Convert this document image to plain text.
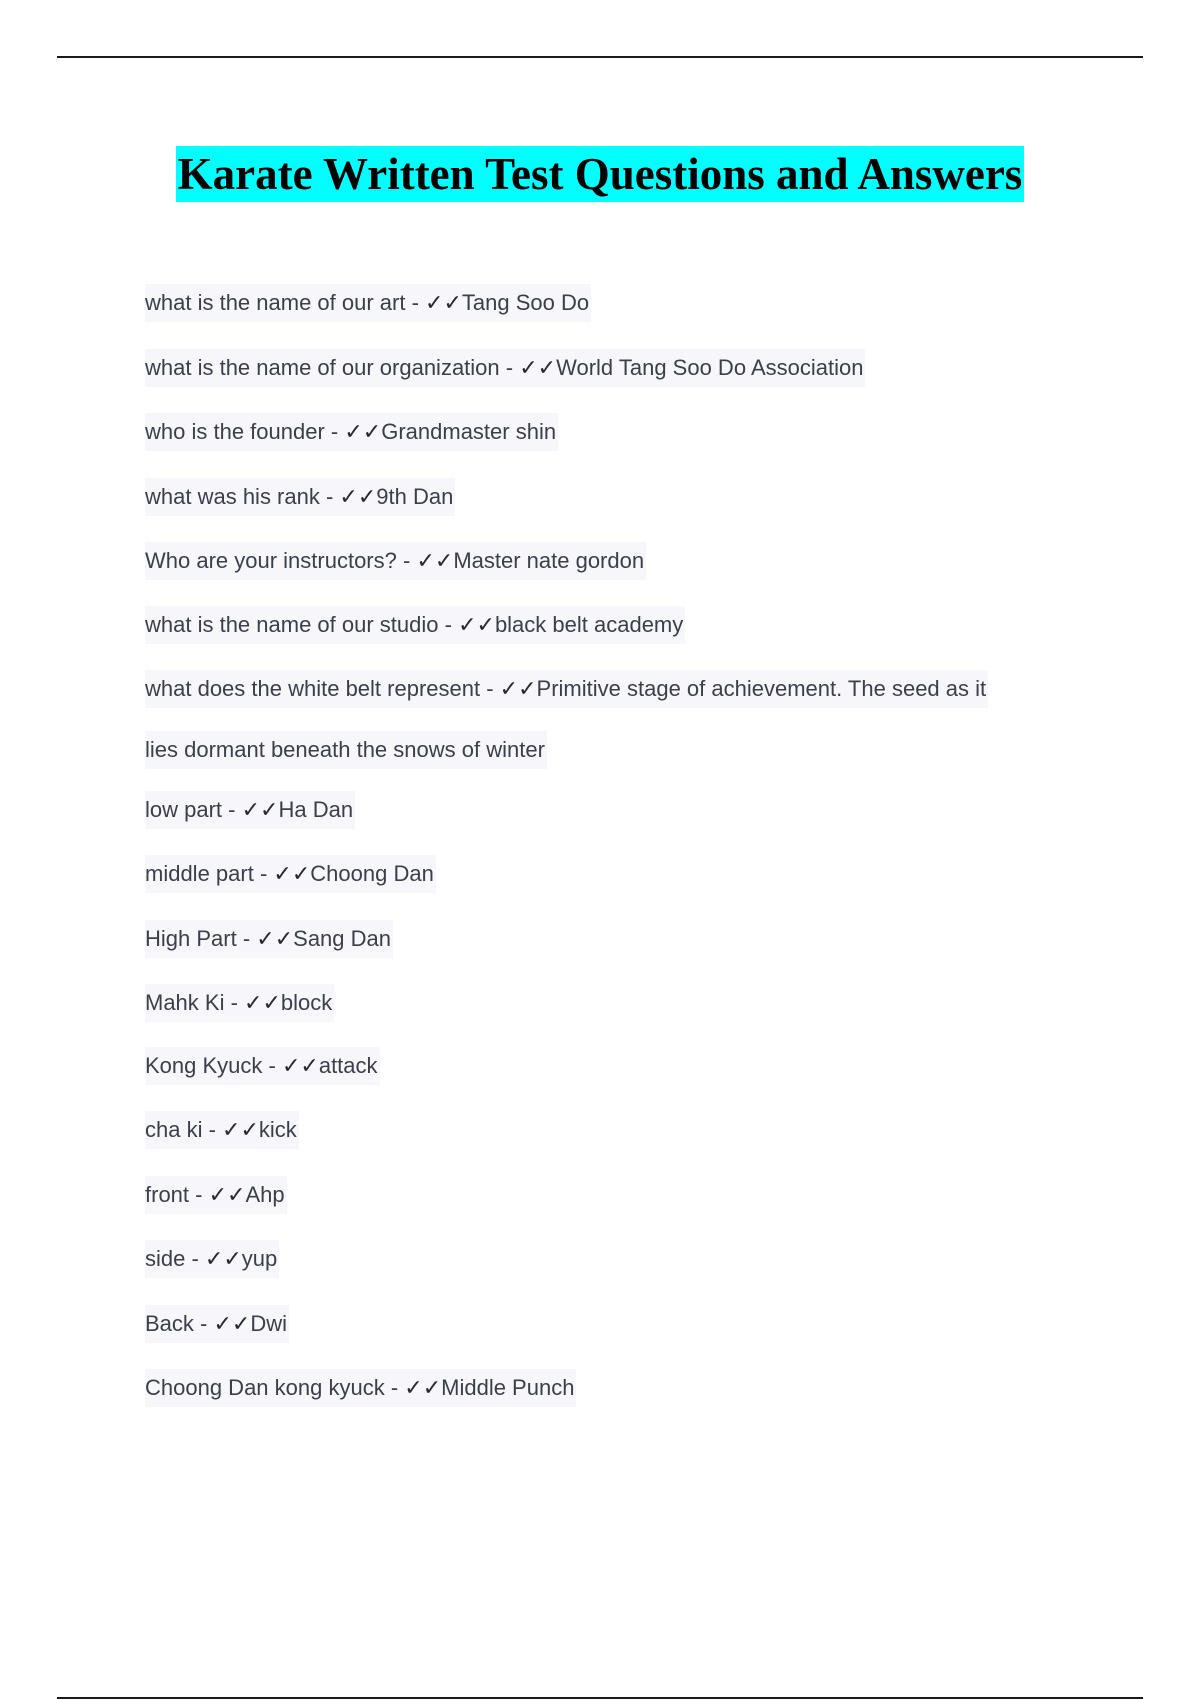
Karate Written Test Questions and Answers
what is the name of our art - ✓✓Tang Soo Do
what is the name of our organization - ✓✓World Tang Soo Do Association
who is the founder - ✓✓Grandmaster shin
what was his rank - ✓✓9th Dan
Who are your instructors? - ✓✓Master nate gordon
what is the name of our studio - ✓✓black belt academy
what does the white belt represent - ✓✓Primitive stage of achievement. The seed as it
lies dormant beneath the snows of winter
low part - ✓✓Ha Dan
middle part - ✓✓Choong Dan
High Part - ✓✓Sang Dan
Mahk Ki - ✓✓block
Kong Kyuck - ✓✓attack
cha ki - ✓✓kick
front - ✓✓Ahp
side - ✓✓yup
Back - ✓✓Dwi
Choong Dan kong kyuck - ✓✓Middle Punch
